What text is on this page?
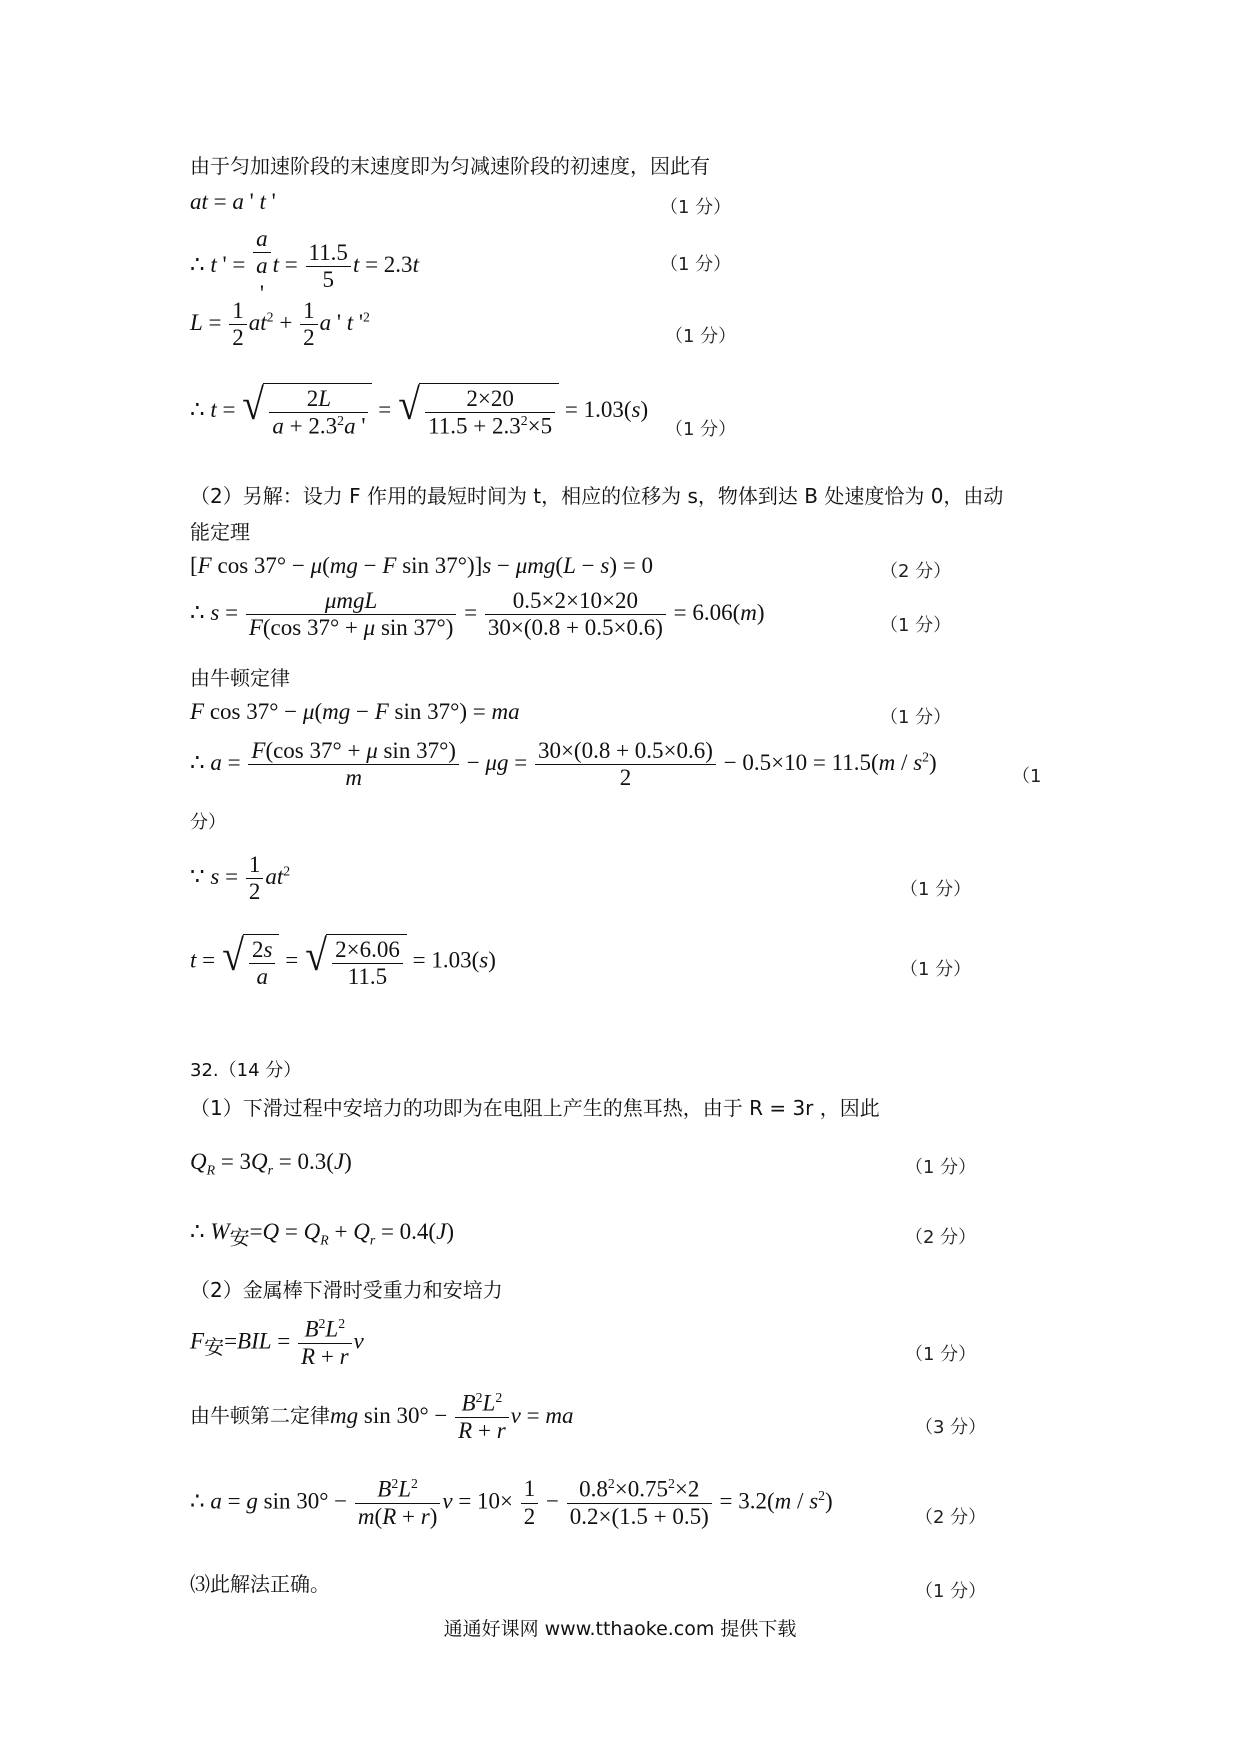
由于匀加速阶段的末速度即为匀减速阶段的初速度，因此有
at = a ' t '	（1 分）
∴ t ' =
a
a
'$t = \frac{11.5}{5}$ t = 2.3t	（1 分）
$L = \frac{1}{2} at^2 + \frac{1}{2}$ a ' t '$^2$
（1 分）
∴ t = √ $\frac{2L}{a + 2.3^2a '}$ = √ $\frac{2\times 20}{11.5 + 2.3^2\times 5} = 1.03(s)$
（1 分）
（2）另解：设力 F 作用的最短时间为 t，相应的位移为 s，物体到达 B 处速度恰为 0，由动
能定理
[F cos 37° − μ(mg − F sin 37°)]s − μmg(L − s) = 0	（2 分）
∴ $s = \frac{\text{μmgL}}{\text{F(cos 37° + μ sin 37°)}} = \frac{0.5\times 2\times 10\times 20}{30\times(0.8 + 0.5\times 0.6)} = 6.06(m)$
（1 分）
由牛顿定律
F cos 37° − μ(mg − F sin 37°) = ma	（1 分）
∴ $a = \frac{\text{F(cos 37° + μ sin 37°)}}{m} - \mu g = \frac{30\times(0.8 + 0.5\times 0.6)}{2} - 0.5\times 10 = 11.5(m / s^2)$
（1
分）
∵ $s = \frac{1}{2} at^2$
（1 分）
t = √ $\frac{2s}{a}$ = √ $\frac{2\times 6.06}{11.5} = 1.03(s)$	（1 分）
32.（14 分）
（1）下滑过程中安培力的功即为在电阻上产生的焦耳热，由于 R = 3r ，因此
$Q_R = 3Q_r = 0.3(J)$	（1 分）
∴ $W_安=Q = Q_R + Q_r = 0.4(J)$	（2 分）
（2）金属棒下滑时受重力和安培力
$F_安=BIL = \frac{B^2L^2}{R + r}$ v
（1 分）
由牛顿第二定律mg $\sin 30^\circ - \frac{B^2L^2}{R + r}$ v = ma	（3 分）
∴ a = g $\sin 30^\circ - \frac{B^2L^2}{m(R + r)}$ $v = 10\times \frac{1}{2} - \frac{0.8^2\times 0.75^2\times 2}{0.2\times(1.5 + 0.5)} = 3.2(m / s^2)$
（2 分）
⑶此解法正确。	（1 分）
通通好课网 www.tthaoke.com 提供下载
